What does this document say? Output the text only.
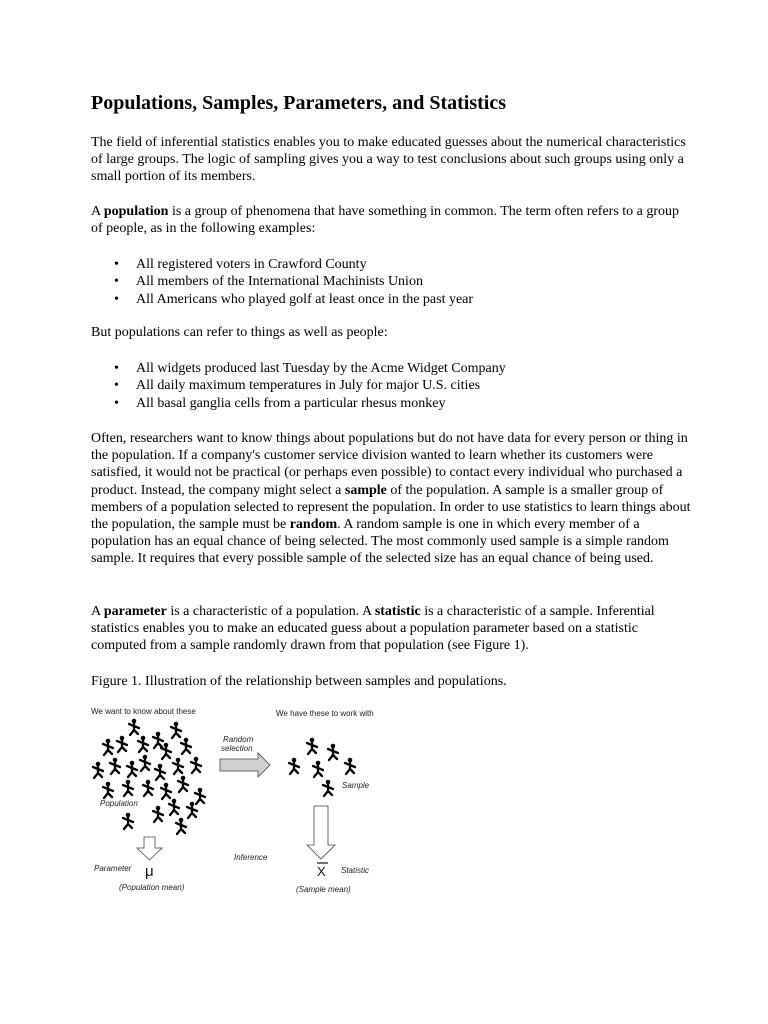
Populations, Samples, Parameters, and Statistics

The field of inferential statistics enables you to make educated guesses about the numerical characteristics of large groups. The logic of sampling gives you a way to test conclusions about such groups using only a small portion of its members.

A population is a group of phenomena that have something in common. The term often refers to a group of people, as in the following examples:

• All registered voters in Crawford County
• All members of the International Machinists Union
• All Americans who played golf at least once in the past year

But populations can refer to things as well as people:

• All widgets produced last Tuesday by the Acme Widget Company
• All daily maximum temperatures in July for major U.S. cities
• All basal ganglia cells from a particular rhesus monkey

Often, researchers want to know things about populations but do not have data for every person or thing in the population. If a company's customer service division wanted to learn whether its customers were satisfied, it would not be practical (or perhaps even possible) to contact every individual who purchased a product. Instead, the company might select a sample of the population. A sample is a smaller group of members of a population selected to represent the population. In order to use statistics to learn things about the population, the sample must be random. A random sample is one in which every member of a population has an equal chance of being selected. The most commonly used sample is a simple random sample. It requires that every possible sample of the selected size has an equal chance of being used.

A parameter is a characteristic of a population. A statistic is a characteristic of a sample. Inferential statistics enables you to make an educated guess about a population parameter based on a statistic computed from a sample randomly drawn from that population (see Figure 1).

Figure 1. Illustration of the relationship between samples and populations.

We want to know about these	We have these to work with
Population
Random
selection
Sample
Inference
Parameter μ
(Population mean)
X Statistic
(Sample mean)
